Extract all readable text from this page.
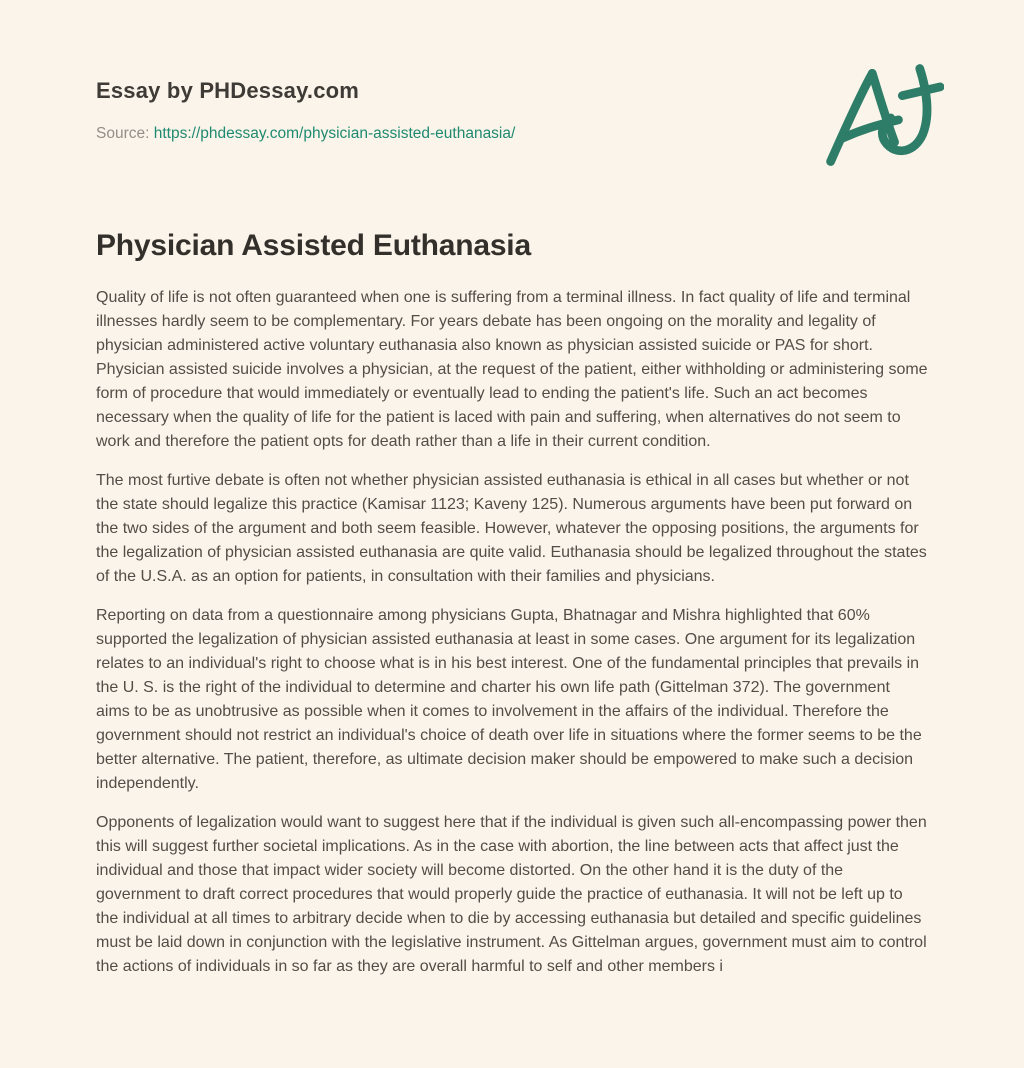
Essay by PHDessay.com
Source: https://phdessay.com/physician-assisted-euthanasia/
Physician Assisted Euthanasia

Quality of life is not often guaranteed when one is suffering from a terminal illness. In fact quality of life and terminal illnesses hardly seem to be complementary. For years debate has been ongoing on the morality and legality of physician administered active voluntary euthanasia also known as physician assisted suicide or PAS for short. Physician assisted suicide involves a physician, at the request of the patient, either withholding or administering some form of procedure that would immediately or eventually lead to ending the patient's life. Such an act becomes necessary when the quality of life for the patient is laced with pain and suffering, when alternatives do not seem to work and therefore the patient opts for death rather than a life in their current condition.

The most furtive debate is often not whether physician assisted euthanasia is ethical in all cases but whether or not the state should legalize this practice (Kamisar 1123; Kaveny 125). Numerous arguments have been put forward on the two sides of the argument and both seem feasible. However, whatever the opposing positions, the arguments for the legalization of physician assisted euthanasia are quite valid. Euthanasia should be legalized throughout the states of the U.S.A. as an option for patients, in consultation with their families and physicians.

Reporting on data from a questionnaire among physicians Gupta, Bhatnagar and Mishra highlighted that 60% supported the legalization of physician assisted euthanasia at least in some cases. One argument for its legalization relates to an individual's right to choose what is in his best interest. One of the fundamental principles that prevails in the U. S. is the right of the individual to determine and charter his own life path (Gittelman 372). The government aims to be as unobtrusive as possible when it comes to involvement in the affairs of the individual. Therefore the government should not restrict an individual's choice of death over life in situations where the former seems to be the better alternative. The patient, therefore, as ultimate decision maker should be empowered to make such a decision independently.

Opponents of legalization would want to suggest here that if the individual is given such all-encompassing power then this will suggest further societal implications. As in the case with abortion, the line between acts that affect just the individual and those that impact wider society will become distorted. On the other hand it is the duty of the government to draft correct procedures that would properly guide the practice of euthanasia. It will not be left up to the individual at all times to arbitrary decide when to die by accessing euthanasia but detailed and specific guidelines must be laid down in conjunction with the legislative instrument. As Gittelman argues, government must aim to control the actions of individuals in so far as they are overall harmful to self and other members i
